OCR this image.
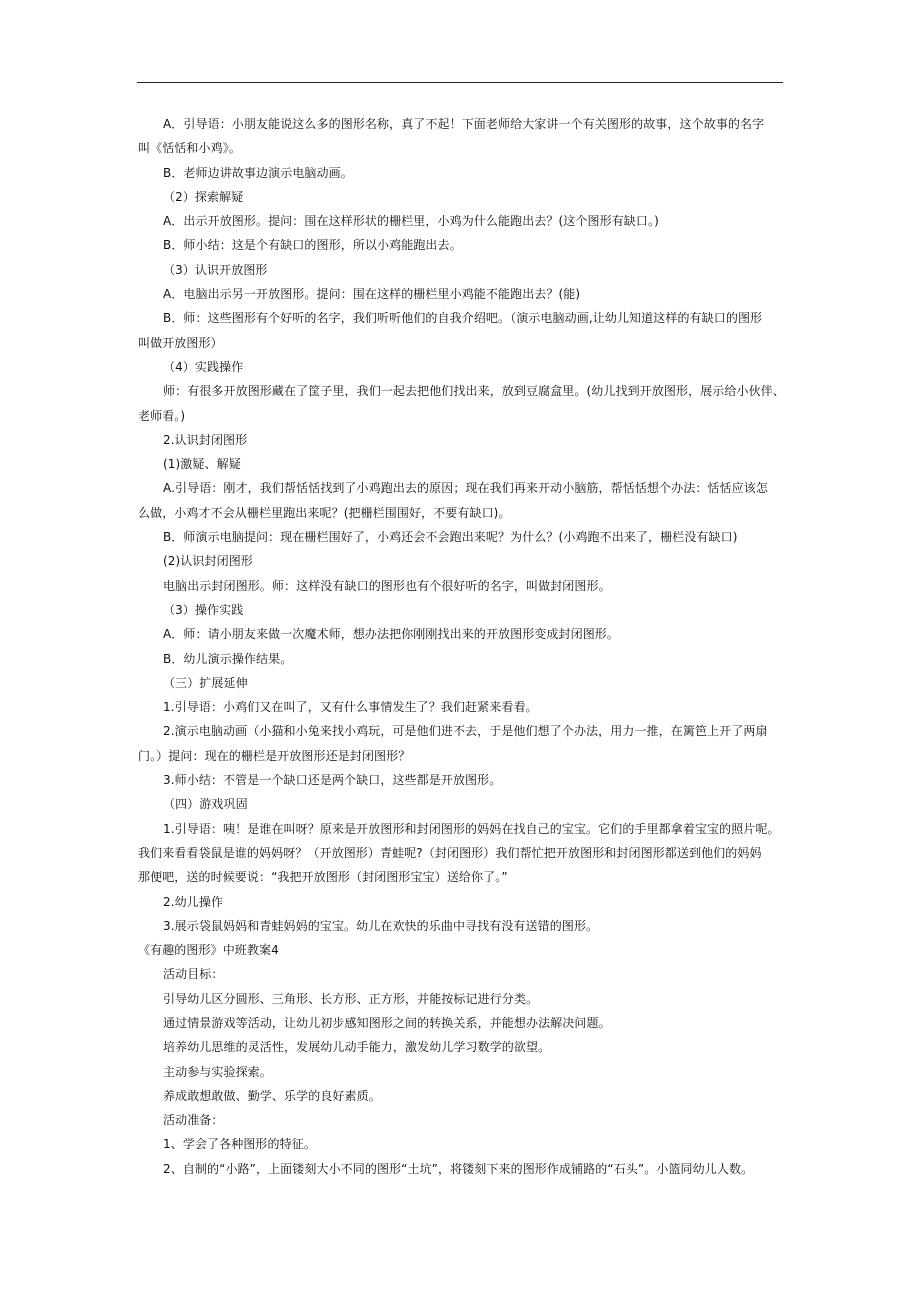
A．引导语：小朋友能说这么多的图形名称，真了不起！下面老师给大家讲一个有关图形的故事，这个故事的名字
叫《恬恬和小鸡》。
B．老师边讲故事边演示电脑动画。
（2）探索解疑
A．出示开放图形。提问：围在这样形状的栅栏里，小鸡为什么能跑出去？(这个图形有缺口。)
B．师小结：这是个有缺口的图形，所以小鸡能跑出去。
（3）认识开放图形
A．电脑出示另一开放图形。提问：围在这样的栅栏里小鸡能不能跑出去？(能)
B．师：这些图形有个好听的名字，我们听听他们的自我介绍吧。（演示电脑动画,让幼儿知道这样的有缺口的图形
叫做开放图形）
（4）实践操作
师：有很多开放图形藏在了筐子里，我们一起去把他们找出来，放到豆腐盒里。(幼儿找到开放图形，展示给小伙伴、
老师看。)
2.认识封闭图形
(1)激疑、解疑
A.引导语：刚才，我们帮恬恬找到了小鸡跑出去的原因；现在我们再来开动小脑筋，帮恬恬想个办法：恬恬应该怎
么做，小鸡才不会从栅栏里跑出来呢？(把栅栏围围好，不要有缺口)。
B．师演示电脑提问：现在栅栏围好了，小鸡还会不会跑出来呢？为什么？(小鸡跑不出来了，栅栏没有缺口)
(2)认识封闭图形
电脑出示封闭图形。师：这样没有缺口的图形也有个很好听的名字，叫做封闭图形。
（3）操作实践
A．师：请小朋友来做一次魔术师，想办法把你刚刚找出来的开放图形变成封闭图形。
B．幼儿演示操作结果。
（三）扩展延伸
1.引导语：小鸡们又在叫了，又有什么事情发生了？我们赶紧来看看。
2.演示电脑动画（小猫和小兔来找小鸡玩，可是他们进不去，于是他们想了个办法，用力一推，在篱笆上开了两扇
门。）提问：现在的栅栏是开放图形还是封闭图形？
3.师小结：不管是一个缺口还是两个缺口，这些都是开放图形。
（四）游戏巩固
1.引导语：咦！是谁在叫呀？原来是开放图形和封闭图形的妈妈在找自己的宝宝。它们的手里都拿着宝宝的照片呢。
我们来看看袋鼠是谁的妈妈呀？（开放图形）青蛙呢?（封闭图形）我们帮忙把开放图形和封闭图形都送到他们的妈妈
那便吧，送的时候要说：“我把开放图形（封闭图形宝宝）送给你了。”
2.幼儿操作
3.展示袋鼠妈妈和青蛙妈妈的宝宝。幼儿在欢快的乐曲中寻找有没有送错的图形。
《有趣的图形》中班教案4
活动目标：
引导幼儿区分圆形、三角形、长方形、正方形，并能按标记进行分类。
通过情景游戏等活动，让幼儿初步感知图形之间的转换关系，并能想办法解决问题。
培养幼儿思维的灵活性，发展幼儿动手能力，激发幼儿学习数学的欲望。
主动参与实验探索。
养成敢想敢做、勤学、乐学的良好素质。
活动准备：
1、学会了各种图形的特征。
2、自制的“小路”，上面镂刻大小不同的图形“土坑”，将镂刻下来的图形作成铺路的“石头”。小篮同幼儿人数。
